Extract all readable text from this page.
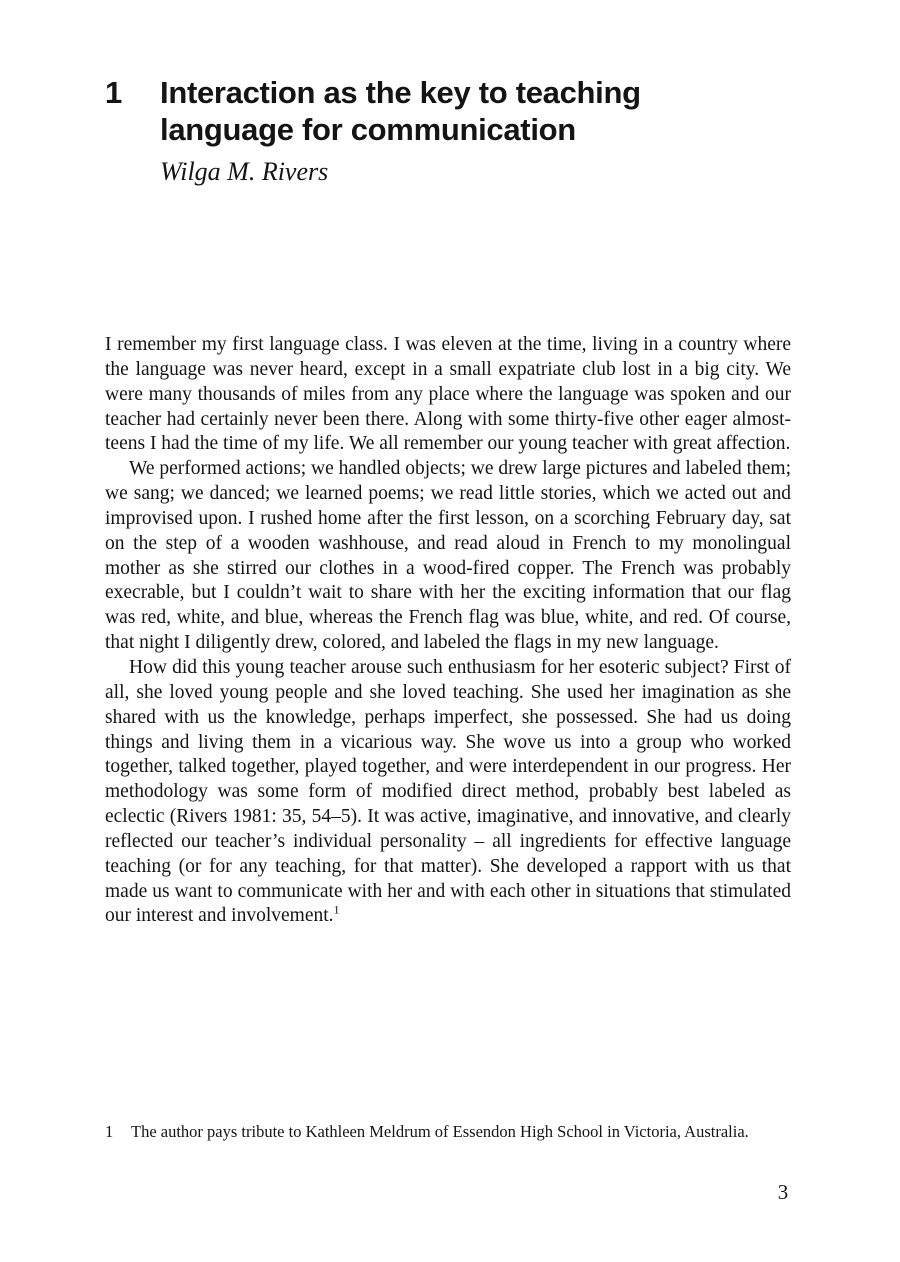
1	Interaction as the key to teaching language for communication
Wilga M. Rivers

I remember my first language class. I was eleven at the time, living in a country where the language was never heard, except in a small expatriate club lost in a big city. We were many thousands of miles from any place where the language was spoken and our teacher had certainly never been there. Along with some thirty-five other eager almost-teens I had the time of my life. We all remember our young teacher with great affection.

We performed actions; we handled objects; we drew large pictures and labeled them; we sang; we danced; we learned poems; we read little stories, which we acted out and improvised upon. I rushed home after the first lesson, on a scorching February day, sat on the step of a wooden washhouse, and read aloud in French to my monolingual mother as she stirred our clothes in a wood-fired copper. The French was probably execrable, but I couldn’t wait to share with her the exciting information that our flag was red, white, and blue, whereas the French flag was blue, white, and red. Of course, that night I diligently drew, colored, and labeled the flags in my new language.

How did this young teacher arouse such enthusiasm for her esoteric subject? First of all, she loved young people and she loved teaching. She used her imagination as she shared with us the knowledge, perhaps imperfect, she possessed. She had us doing things and living them in a vicarious way. She wove us into a group who worked together, talked together, played together, and were interdependent in our progress. Her methodology was some form of modified direct method, probably best labeled as eclectic (Rivers 1981: 35, 54–5). It was active, imaginative, and innovative, and clearly reflected our teacher’s individual personality – all ingredients for effective language teaching (or for any teaching, for that matter). She developed a rapport with us that made us want to communicate with her and with each other in situations that stimulated our interest and involvement.$^1$

1	The author pays tribute to Kathleen Meldrum of Essendon High School in Victoria, Australia.
3
